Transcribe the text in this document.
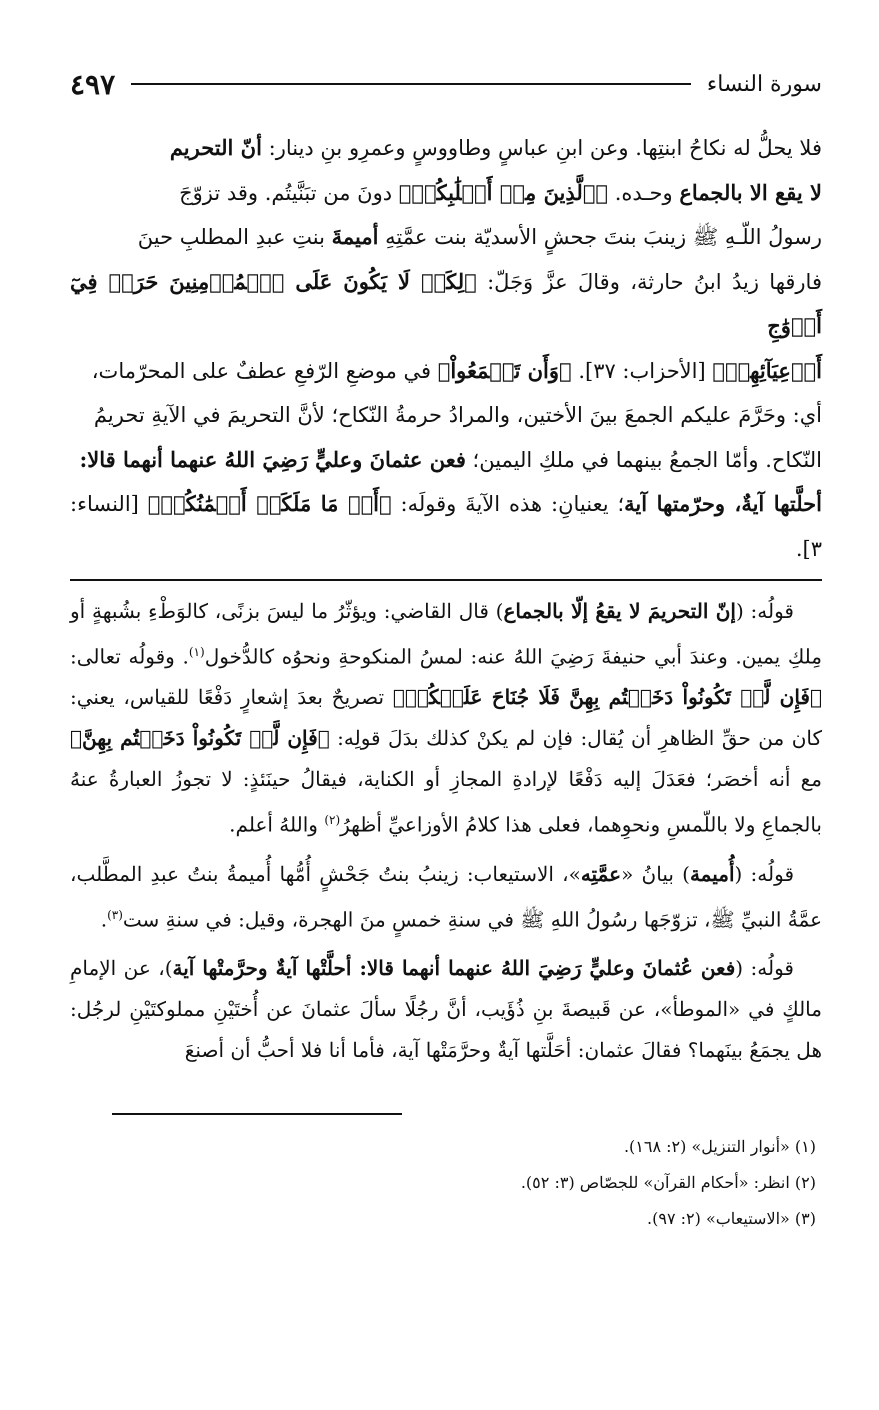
سورة النساء
٤٩٧

فلا يحلُّ له نكاحُ ابنتِها. وعن ابنِ عباسٍ وطاووسٍ وعمرِو بنِ دينار: أنّ التحريم

لا يقع الا بالجماع وحـده. ﴿ٱلَّذِينَ مِنۡ أَصۡلَٰبِكُمۡ﴾ دونَ من تبَنَّيتُم. وقد تزوّجَ

رسولُ اللّـهِ ﷺ زينبَ بنتَ جحشٍ الأسديّة بنت عمَّتِهِ أميمةَ بنتِ عبدِ المطلبِ حينَ

فارقها زيدُ ابنُ حارثة، وقالَ عزَّ وَجَلّ: ﴿لِكَيۡ لَا يَكُونَ عَلَى ٱلۡمُؤۡمِنِينَ حَرَجٞ فِيٓ أَزۡوَٰجِ

أَدۡعِيَآئِهِمۡ﴾ [الأحزاب: ٣٧]. ﴿وَأَن تَجۡمَعُواْ﴾ في موضعِ الرّفعِ عطفٌ على المحرّمات،

أي: وحَرَّمَ عليكم الجمعَ بينَ الأختين، والمرادُ حرمةُ النّكاح؛ لأنَّ التحريمَ في الآيةِ تحريمُ

النّكاح. وأمّا الجمعُ بينهما في ملكِ اليمين؛ فعن عثمانَ وعليٍّ رَضِيَ اللهُ عنهما أنهما قالا:

أحلَّتها آيةٌ، وحرّمتها آية؛ يعنيانِ: هذه الآيةَ وقولَه: ﴿أَوۡ مَا مَلَكَتۡ أَيۡمَٰنُكُمۡ﴾ [النساء: ٣].

قولُه: (إنّ التحريمَ لا يقعُ إلّا بالجماع) قال القاضي: ويؤثّرُ ما ليسَ بزنًى، كالوَطْءِ بشُبهةٍ أو مِلكِ يمين. وعندَ أبي حنيفةَ رَضِيَ اللهُ عنه: لمسُ المنكوحةِ ونحوُه كالدُّخول$^{(١)}$. وقولُه تعالى: ﴿فَإِن لَّمۡ تَكُونُواْ دَخَلۡتُم بِهِنَّ فَلَا جُنَاحَ عَلَيۡكُمۡ﴾ تصريحٌ بعدَ إشعارٍ دَفْعًا للقياس، يعني: كان من حقِّ الظاهرِ أن يُقال: فإن لم يكنْ كذلك بدَلَ قولِه: ﴿فَإِن لَّمۡ تَكُونُواْ دَخَلۡتُم بِهِنَّ﴾ مع أنه أخصَر؛ فعَدَلَ إليه دَفْعًا لإرادةِ المجازِ أو الكناية، فيقالُ حينَئذٍ: لا تجوزُ العبارةُ عنهُ بالجماعِ ولا باللّمسِ ونحوِهما، فعلى هذا كلامُ الأوزاعيِّ أظهرُ$^{(٢)}$ واللهُ أعلم.

قولُه: (أُميمة) بيانُ «عمَّتِه»، الاستيعاب: زينبُ بنتُ جَحْشٍ أُمُّها أُميمةُ بنتُ عبدِ المطَّلب، عمَّةُ النبيِّ ﷺ، تزوّجَها رسُولُ اللهِ ﷺ في سنةِ خمسٍ منَ الهجرة، وقيل: في سنةِ ست$^{(٣)}$.

قولُه: (فعن عُثمانَ وعليٍّ رَضِيَ اللهُ عنهما أنهما قالا: أحلَّتْها آيةٌ وحرَّمتْها آية)، عن الإمامِ مالكٍ في «الموطأ»، عن قَبيصةَ بنِ ذُؤَيب، أنَّ رجُلًا سألَ عثمانَ عن أُختَيْنِ مملوكتَيْنِ لرجُل: هل يجمَعُ بينَهما؟ فقالَ عثمان: أحَلَّتها آيةٌ وحرَّمَتْها آية، فأما أنا فلا أحبُّ أن أصنعَ

(١) «أنوار التنزيل» (٢: ١٦٨).
(٢) انظر: «أحكام القرآن» للجصّاص (٣: ٥٢).
(٣) «الاستيعاب» (٢: ٩٧).
